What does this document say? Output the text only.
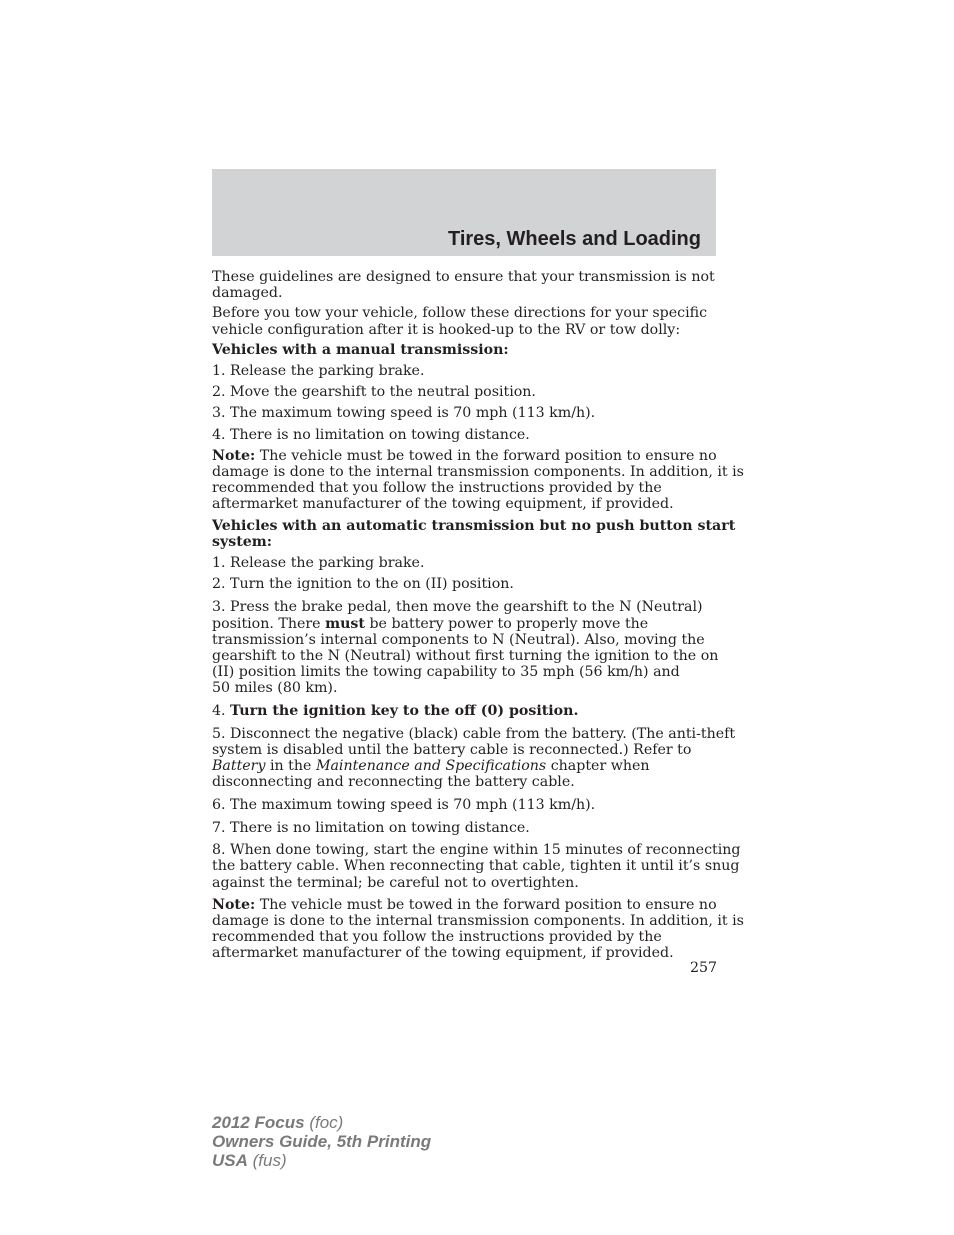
Tires, Wheels and Loading
These guidelines are designed to ensure that your transmission is not
damaged.
Before you tow your vehicle, follow these directions for your specific
vehicle configuration after it is hooked-up to the RV or tow dolly:
Vehicles with a manual transmission:
1. Release the parking brake.
2. Move the gearshift to the neutral position.
3. The maximum towing speed is 70 mph (113 km/h).
4. There is no limitation on towing distance.
Note: The vehicle must be towed in the forward position to ensure no
damage is done to the internal transmission components. In addition, it is
recommended that you follow the instructions provided by the
aftermarket manufacturer of the towing equipment, if provided.
Vehicles with an automatic transmission but no push button start
system:
1. Release the parking brake.
2. Turn the ignition to the on (II) position.
3. Press the brake pedal, then move the gearshift to the N (Neutral)
position. There must be battery power to properly move the
transmission’s internal components to N (Neutral). Also, moving the
gearshift to the N (Neutral) without first turning the ignition to the on
(II) position limits the towing capability to 35 mph (56 km/h) and
50 miles (80 km).
4. Turn the ignition key to the off (0) position.
5. Disconnect the negative (black) cable from the battery. (The anti-theft
system is disabled until the battery cable is reconnected.) Refer to
Battery in the Maintenance and Specifications chapter when
disconnecting and reconnecting the battery cable.
6. The maximum towing speed is 70 mph (113 km/h).
7. There is no limitation on towing distance.
8. When done towing, start the engine within 15 minutes of reconnecting
the battery cable. When reconnecting that cable, tighten it until it’s snug
against the terminal; be careful not to overtighten.
Note: The vehicle must be towed in the forward position to ensure no
damage is done to the internal transmission components. In addition, it is
recommended that you follow the instructions provided by the
aftermarket manufacturer of the towing equipment, if provided.
257
2012 Focus (foc)
Owners Guide, 5th Printing
USA (fus)
